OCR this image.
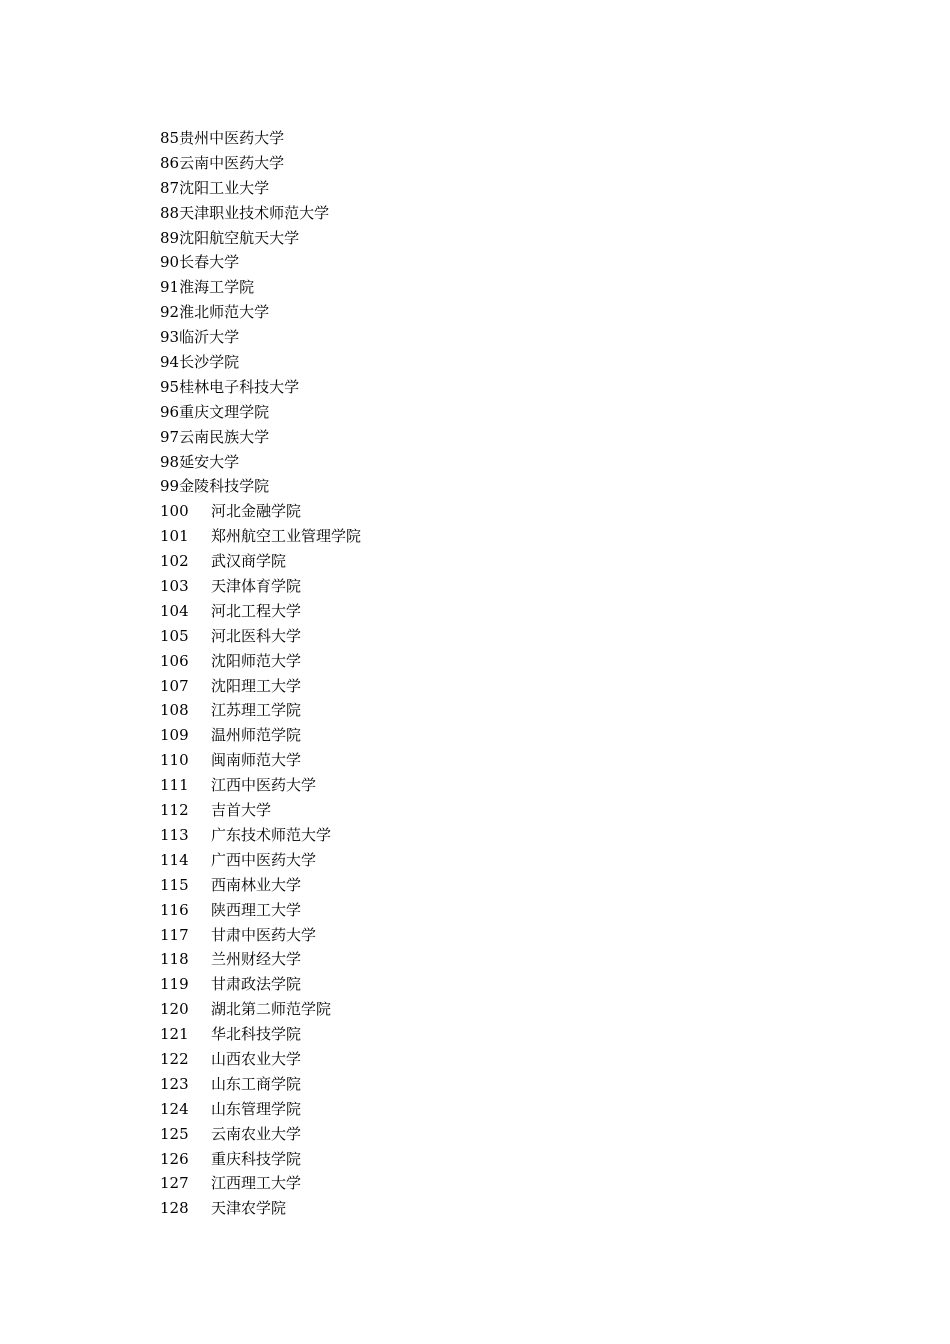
85贵州中医药大学
86云南中医药大学
87沈阳工业大学
88天津职业技术师范大学
89沈阳航空航天大学
90长春大学
91淮海工学院
92淮北师范大学
93临沂大学
94长沙学院
95桂林电子科技大学
96重庆文理学院
97云南民族大学
98延安大学
99金陵科技学院
100 河北金融学院
101 郑州航空工业管理学院
102 武汉商学院
103 天津体育学院
104 河北工程大学
105 河北医科大学
106 沈阳师范大学
107 沈阳理工大学
108 江苏理工学院
109 温州师范学院
110 闽南师范大学
111 江西中医药大学
112 吉首大学
113 广东技术师范大学
114 广西中医药大学
115 西南林业大学
116 陕西理工大学
117 甘肃中医药大学
118 兰州财经大学
119 甘肃政法学院
120 湖北第二师范学院
121 华北科技学院
122 山西农业大学
123 山东工商学院
124 山东管理学院
125 云南农业大学
126 重庆科技学院
127 江西理工大学
128 天津农学院
